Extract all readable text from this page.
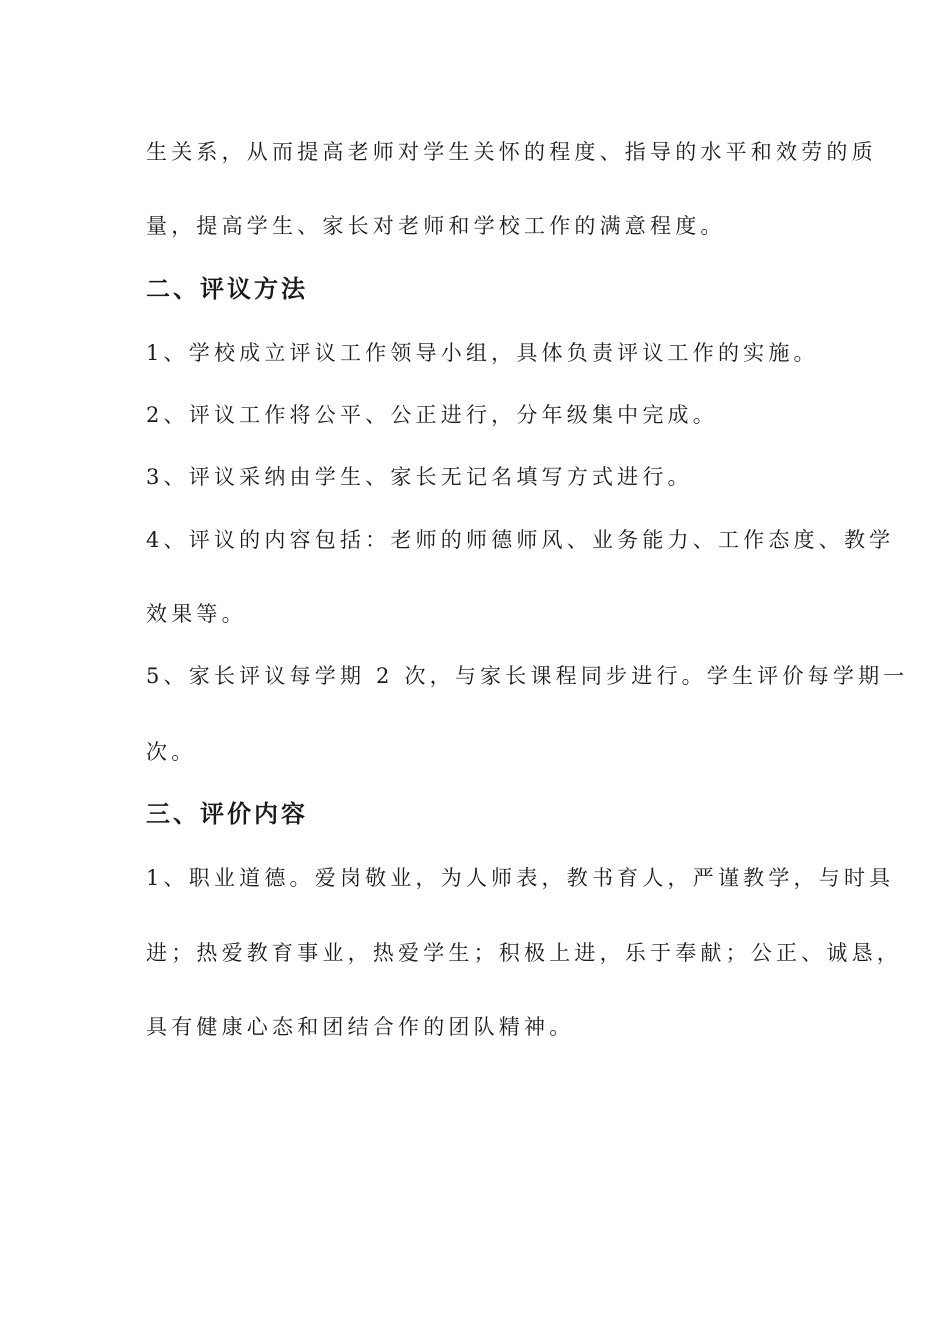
生关系，从而提高老师对学生关怀的程度、指导的水平和效劳的质
量，提高学生、家长对老师和学校工作的满意程度。
二、评议方法
1、学校成立评议工作领导小组，具体负责评议工作的实施。
2、评议工作将公平、公正进行，分年级集中完成。
3、评议采纳由学生、家长无记名填写方式进行。
4、评议的内容包括：老师的师德师风、业务能力、工作态度、教学
效果等。
5、家长评议每学期 2 次，与家长课程同步进行。学生评价每学期一
次。
三、评价内容
1、职业道德。爱岗敬业，为人师表，教书育人，严谨教学，与时具
进；热爱教育事业，热爱学生；积极上进，乐于奉献；公正、诚恳，
具有健康心态和团结合作的团队精神。
